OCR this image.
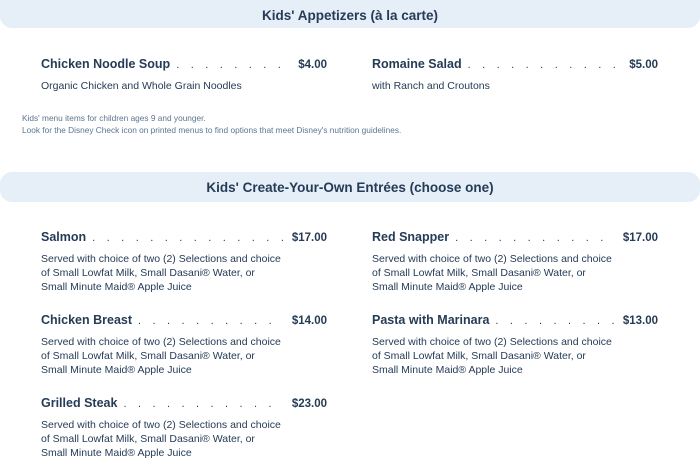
Kids' Appetizers (à la carte)
Chicken Noodle Soup . . .	$4.00
Organic Chicken and Whole Grain Noodles
Romaine Salad . . .	$5.00
with Ranch and Croutons
Kids' menu items for children ages 9 and younger.
Look for the Disney Check icon on printed menus to find options that meet Disney's nutrition guidelines.
Kids' Create-Your-Own Entrées (choose one)
Salmon . . .	$17.00
Served with choice of two (2) Selections and choice of Small Lowfat Milk, Small Dasani® Water, or Small Minute Maid® Apple Juice
Red Snapper . . .	$17.00
Served with choice of two (2) Selections and choice of Small Lowfat Milk, Small Dasani® Water, or Small Minute Maid® Apple Juice
Chicken Breast . . .	$14.00
Served with choice of two (2) Selections and choice of Small Lowfat Milk, Small Dasani® Water, or Small Minute Maid® Apple Juice
Pasta with Marinara . . .	$13.00
Served with choice of two (2) Selections and choice of Small Lowfat Milk, Small Dasani® Water, or Small Minute Maid® Apple Juice
Grilled Steak . . .	$23.00
Served with choice of two (2) Selections and choice of Small Lowfat Milk, Small Dasani® Water, or Small Minute Maid® Apple Juice
